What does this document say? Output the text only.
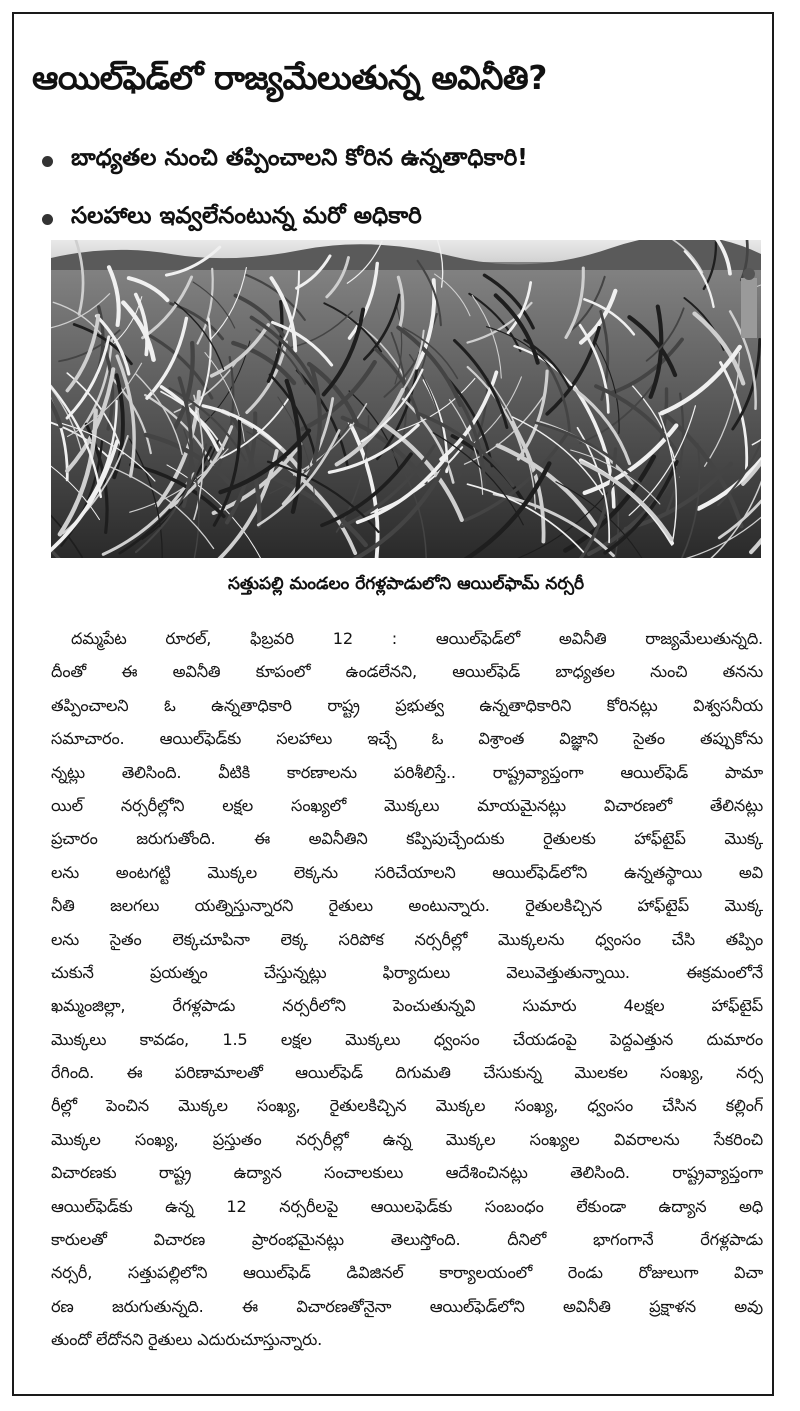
ఆయిల్‌ఫెడ్‌లో రాజ్యమేలుతున్న అవినీతి?
బాధ్యతల నుంచి తప్పించాలని కోరిన ఉన్నతాధికారి!
సలహాలు ఇవ్వలేనంటున్న మరో అధికారి
సత్తుపల్లి మండలం రేగళ్లపాడులోని ఆయిల్‌ఫామ్ నర్సరీ
దమ్మపేట రూరల్, ఫిబ్రవరి 12 : ఆయిల్‌ఫెడ్‌లో అవినీతి రాజ్యమేలుతున్నది.
దీంతో ఈ అవినీతి కూపంలో ఉండలేనని, ఆయిల్‌ఫెడ్ బాధ్యతల నుంచి తనను
తప్పించాలని ఓ ఉన్నతాధికారి రాష్ట్ర ప్రభుత్వ ఉన్నతాధికారిని కోరినట్లు విశ్వసనీయ
సమాచారం. ఆయిల్‌ఫెడ్‌కు సలహాలు ఇచ్చే ఓ విశ్రాంత విజ్ఞాని సైతం తప్పుకోను
న్నట్లు తెలిసింది. వీటికి కారణాలను పరిశీలిస్తే.. రాష్ట్రవ్యాప్తంగా ఆయిల్‌ఫెడ్ పామా
యిల్ నర్సరీల్లోని లక్షల సంఖ్యలో మొక్కలు మాయమైనట్లు విచారణలో తేలినట్లు
ప్రచారం జరుగుతోంది. ఈ అవినీతిని కప్పిపుచ్చేందుకు రైతులకు హాఫ్‌టైప్ మొక్క
లను అంటగట్టి మొక్కల లెక్కను సరిచేయాలని ఆయిల్‌ఫెడ్‌లోని ఉన్నతస్థాయి అవి
నీతి జలగలు యత్నిస్తున్నారని రైతులు అంటున్నారు. రైతులకిచ్చిన హాఫ్‌టైప్ మొక్క
లను సైతం లెక్కచూపినా లెక్క సరిపోక నర్సరీల్లో మొక్కలను ధ్వంసం చేసి తప్పిం
చుకునే ప్రయత్నం చేస్తున్నట్లు ఫిర్యాదులు వెలువెత్తుతున్నాయి. ఈక్రమంలోనే
ఖమ్మంజిల్లా, రేగళ్లపాడు నర్సరీలోని పెంచుతున్నవి సుమారు 4లక్షల హాఫ్‌టైప్
మొక్కలు కావడం, 1.5 లక్షల మొక్కలు ధ్వంసం చేయడంపై పెద్దఎత్తున దుమారం
రేగింది. ఈ పరిణామాలతో ఆయిల్‌ఫెడ్ దిగుమతి చేసుకున్న మొలకల సంఖ్య, నర్స
రీల్లో పెంచిన మొక్కల సంఖ్య, రైతులకిచ్చిన మొక్కల సంఖ్య, ధ్వంసం చేసిన కల్లింగ్
మొక్కల సంఖ్య, ప్రస్తుతం నర్సరీల్లో ఉన్న మొక్కల సంఖ్యల వివరాలను సేకరించి
విచారణకు రాష్ట్ర ఉద్యాన సంచాలకులు ఆదేశించినట్లు తెలిసింది. రాష్ట్రవ్యాప్తంగా
ఆయిల్‌ఫెడ్‌కు ఉన్న 12 నర్సరీలపై ఆయిలఫెడ్‌కు సంబంధం లేకుండా ఉద్యాన అధి
కారులతో విచారణ ప్రారంభమైనట్లు తెలుస్తోంది. దీనిలో భాగంగానే రేగళ్లపాడు
నర్సరీ, సత్తుపల్లిలోని ఆయిల్‌ఫెడ్ డివిజినల్ కార్యాలయంలో రెండు రోజులుగా విచా
రణ జరుగుతున్నది. ఈ విచారణతోనైనా ఆయిల్‌ఫెడ్‌లోని అవినీతి ప్రక్షాళన అవు
తుందో లేదోనని రైతులు ఎదురుచూస్తున్నారు.
